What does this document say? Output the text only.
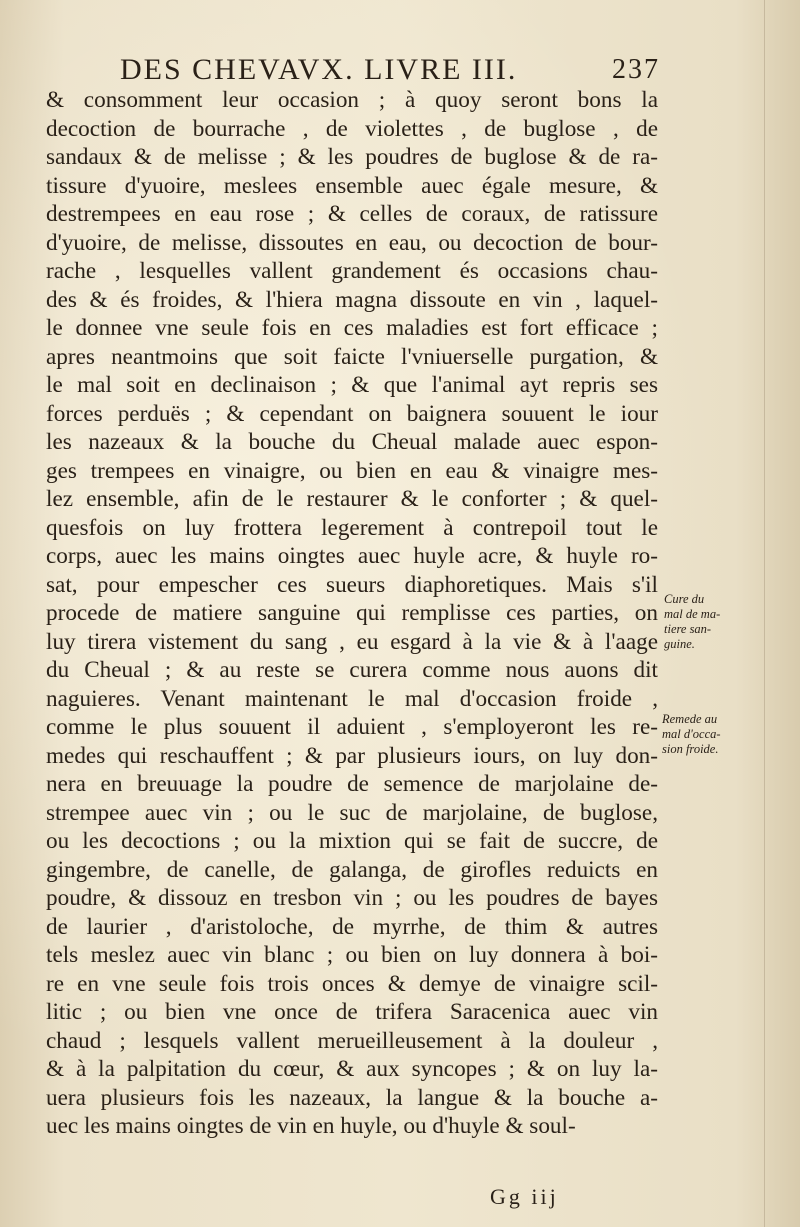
DES CHEVAVX. LIVRE III.	237
& consomment leur occasion ; à quoy seront bons la
decoction de bourrache , de violettes , de buglose , de
sandaux & de melisse ; & les poudres de buglose & de ra-
tissure d'yuoire, meslees ensemble auec égale mesure, &
destrempees en eau rose ; & celles de coraux, de ratissure
d'yuoire, de melisse, dissoutes en eau, ou decoction de bour-
rache , lesquelles vallent grandement és occasions chau-
des & és froides, & l'hiera magna dissoute en vin , laquel-
le donnee vne seule fois en ces maladies est fort efficace ;
apres neantmoins que soit faicte l'vniuerselle purgation, &
le mal soit en declinaison ; & que l'animal ayt repris ses
forces perduës ; & cependant on baignera souuent le iour
les nazeaux & la bouche du Cheual malade auec espon-
ges trempees en vinaigre, ou bien en eau & vinaigre mes-
lez ensemble, afin de le restaurer & le conforter ; & quel-
quesfois on luy frottera legerement à contrepoil tout le
corps, auec les mains oingtes auec huyle acre, & huyle ro-
sat, pour empescher ces sueurs diaphoretiques. Mais s'il
procede de matiere sanguine qui remplisse ces parties, on
luy tirera vistement du sang , eu esgard à la vie & à l'aage
du Cheual ; & au reste se curera comme nous auons dit
naguieres. Venant maintenant le mal d'occasion froide ,
comme le plus souuent il aduient , s'employeront les re-
medes qui reschauffent ; & par plusieurs iours, on luy don-
nera en breuuage la poudre de semence de marjolaine de-
strempee auec vin ; ou le suc de marjolaine, de buglose,
ou les decoctions ; ou la mixtion qui se fait de succre, de
gingembre, de canelle, de galanga, de girofles reduicts en
poudre, & dissouz en tresbon vin ; ou les poudres de bayes
de laurier , d'aristoloche, de myrrhe, de thim & autres
tels meslez auec vin blanc ; ou bien on luy donnera à boi-
re en vne seule fois trois onces & demye de vinaigre scil-
litic ; ou bien vne once de trifera Saracenica auec vin
chaud ; lesquels vallent merueilleusement à la douleur ,
& à la palpitation du cœur, & aux syncopes ; & on luy la-
uera plusieurs fois les nazeaux, la langue & la bouche a-
uec les mains oingtes de vin en huyle, ou d'huyle & soul-
Cure du
mal de ma-
tiere san-
guine.
Remede au
mal d'occa-
sion froide.
Gg iij
